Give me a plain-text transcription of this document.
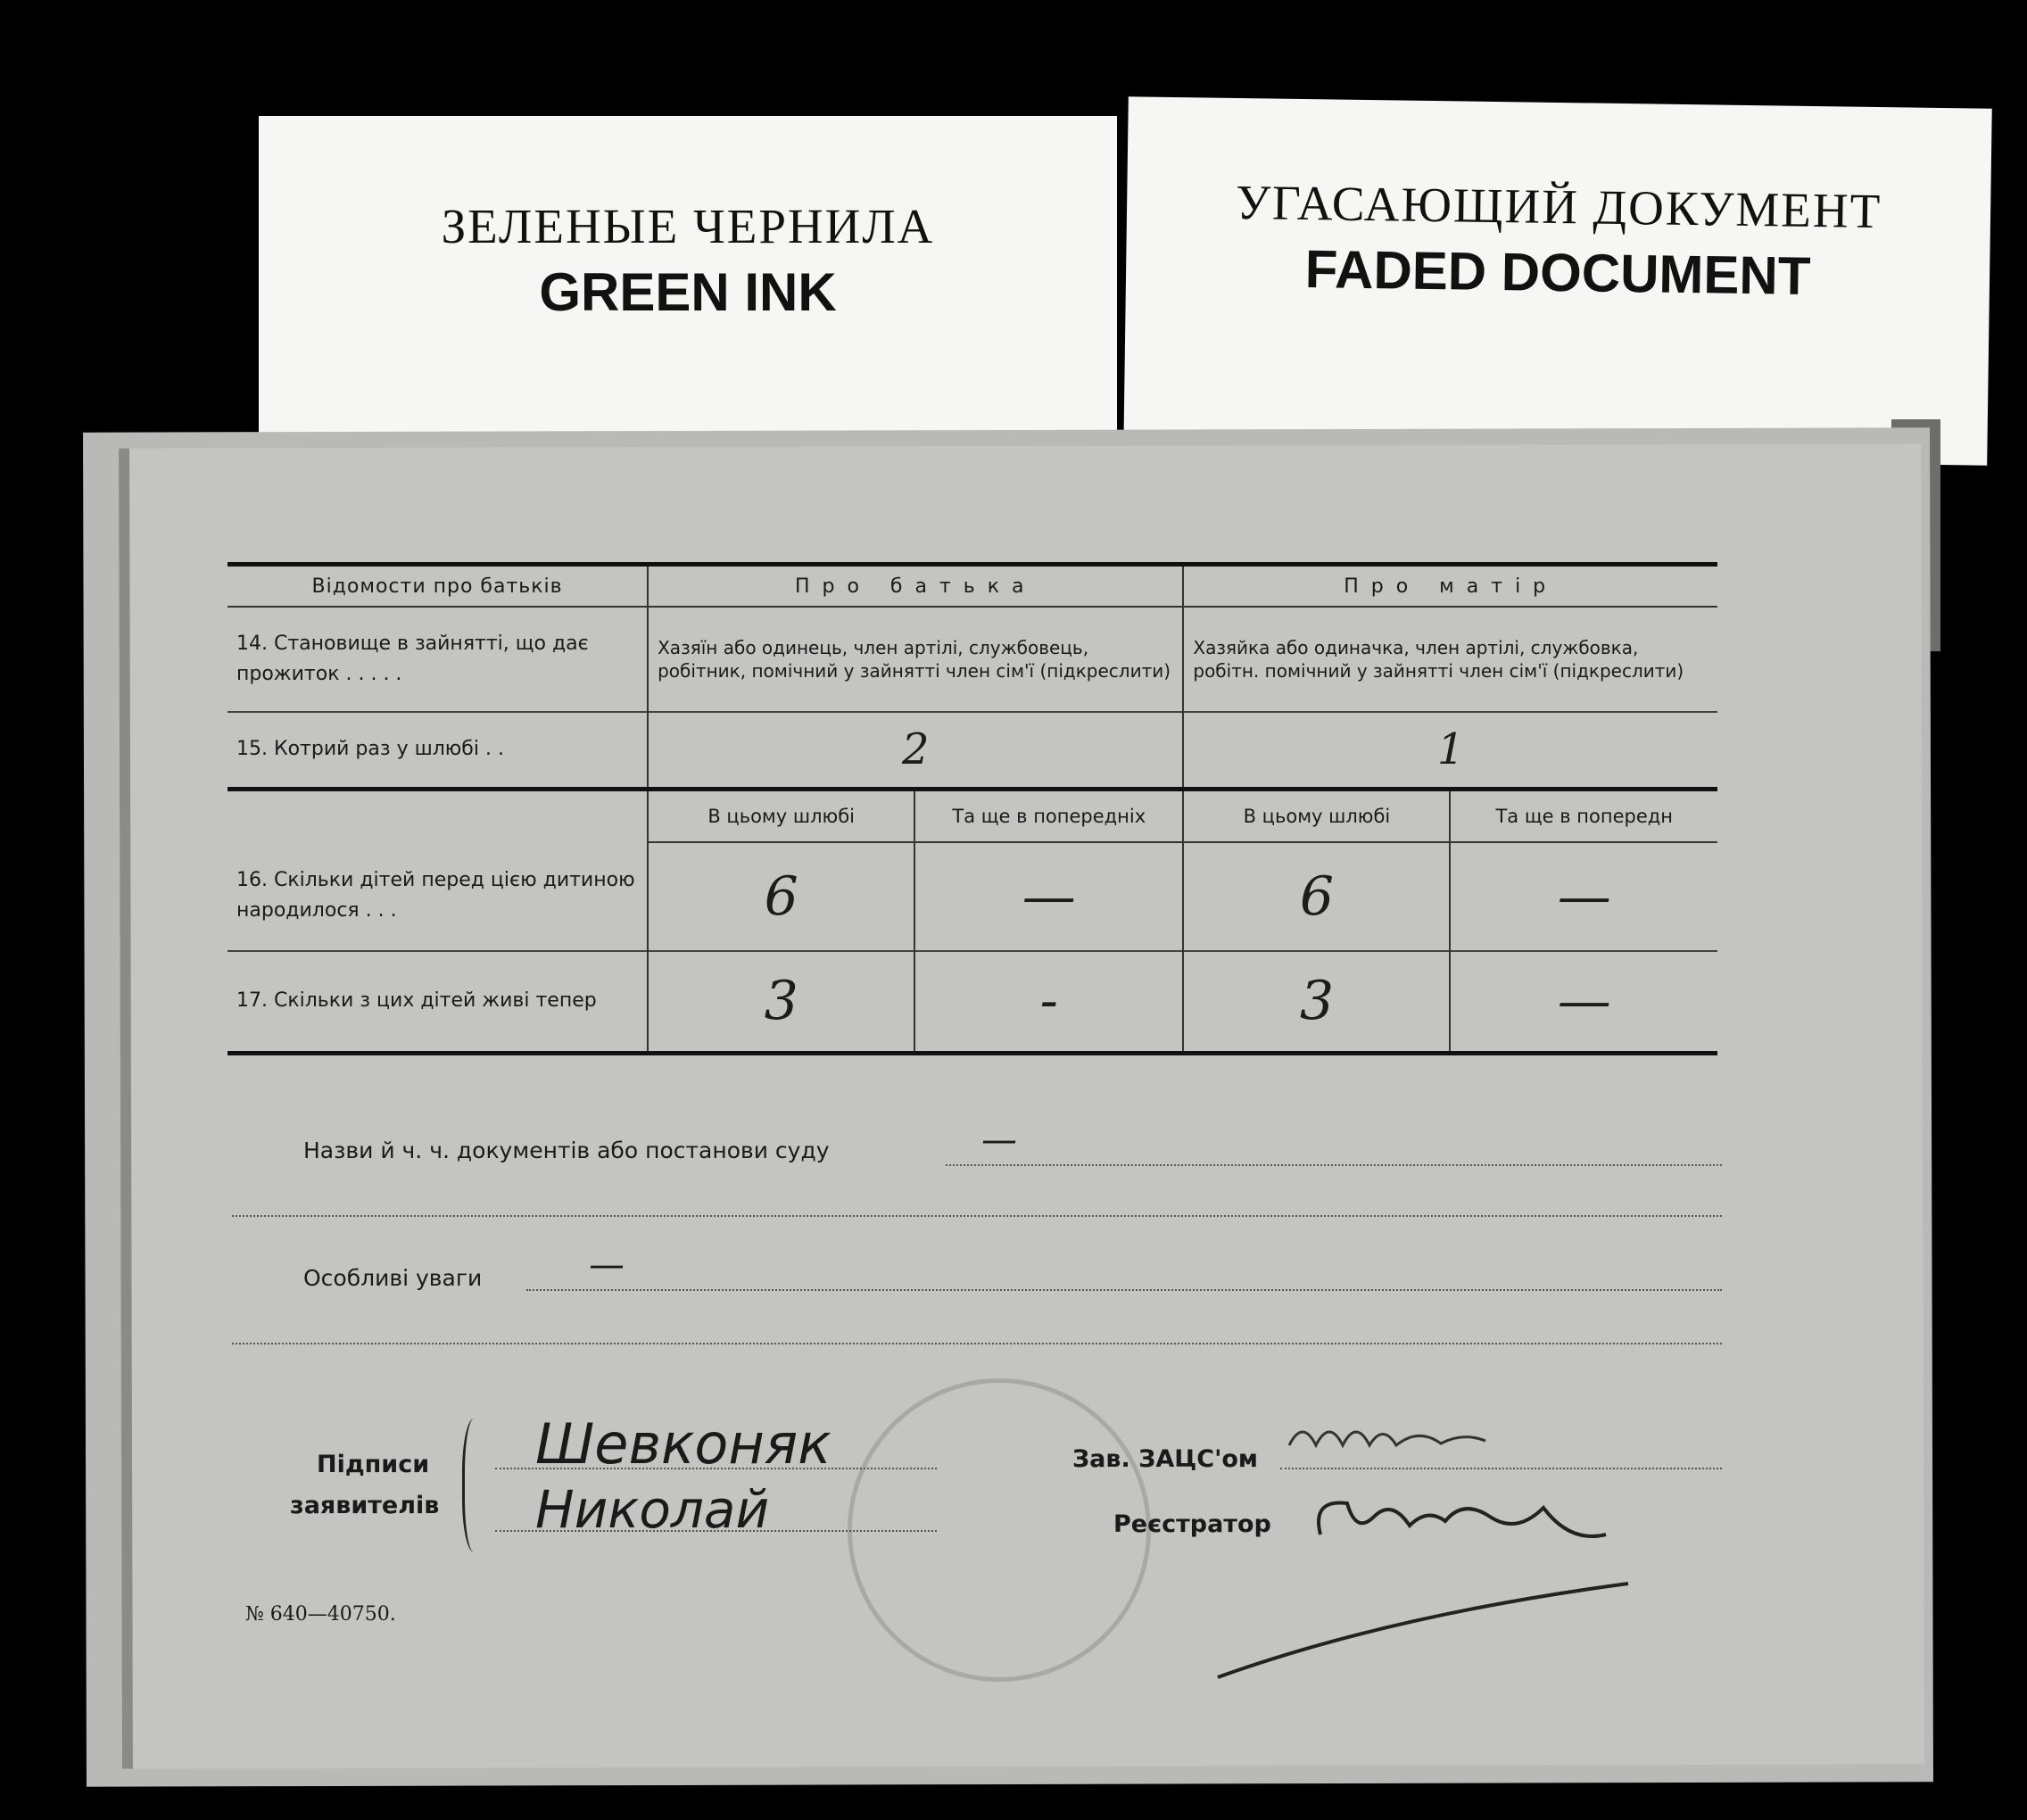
ЗЕЛЕНЫЕ ЧЕРНИЛА
GREEN INK
УГАСАЮЩИЙ ДОКУМЕНТ
FADED DOCUMENT
Відомости про батьків	Про батька		Про матір	
14. Становище в зайнятті, що дає прожиток . . . . .	Хазяїн або одинець, член артілі, службовець, робітник, помічний у зайнятті член сім'ї (підкреслити)		Хазяйка або одиначка, член артілі, службовка, робітн. помічний у зайнятті член сім'ї (підкреслити)	
15. Котрий раз у шлюбі . .	2		1	
	В цьому шлюбі	Та ще в попередніх	В цьому шлюбі	Та ще в попередн
16. Скільки дітей перед цією дитиною народилося . . .	6	—	6	—
17. Скільки з цих дітей живі тепер	3	-	3	—
Назви й ч. ч. документів або постанови суду	—
Особливі уваги	—
Підписи
заявителів
Шевконяк
Николай
Зав. ЗАЦС'ом
Реєстратор
№ 640—40750.
